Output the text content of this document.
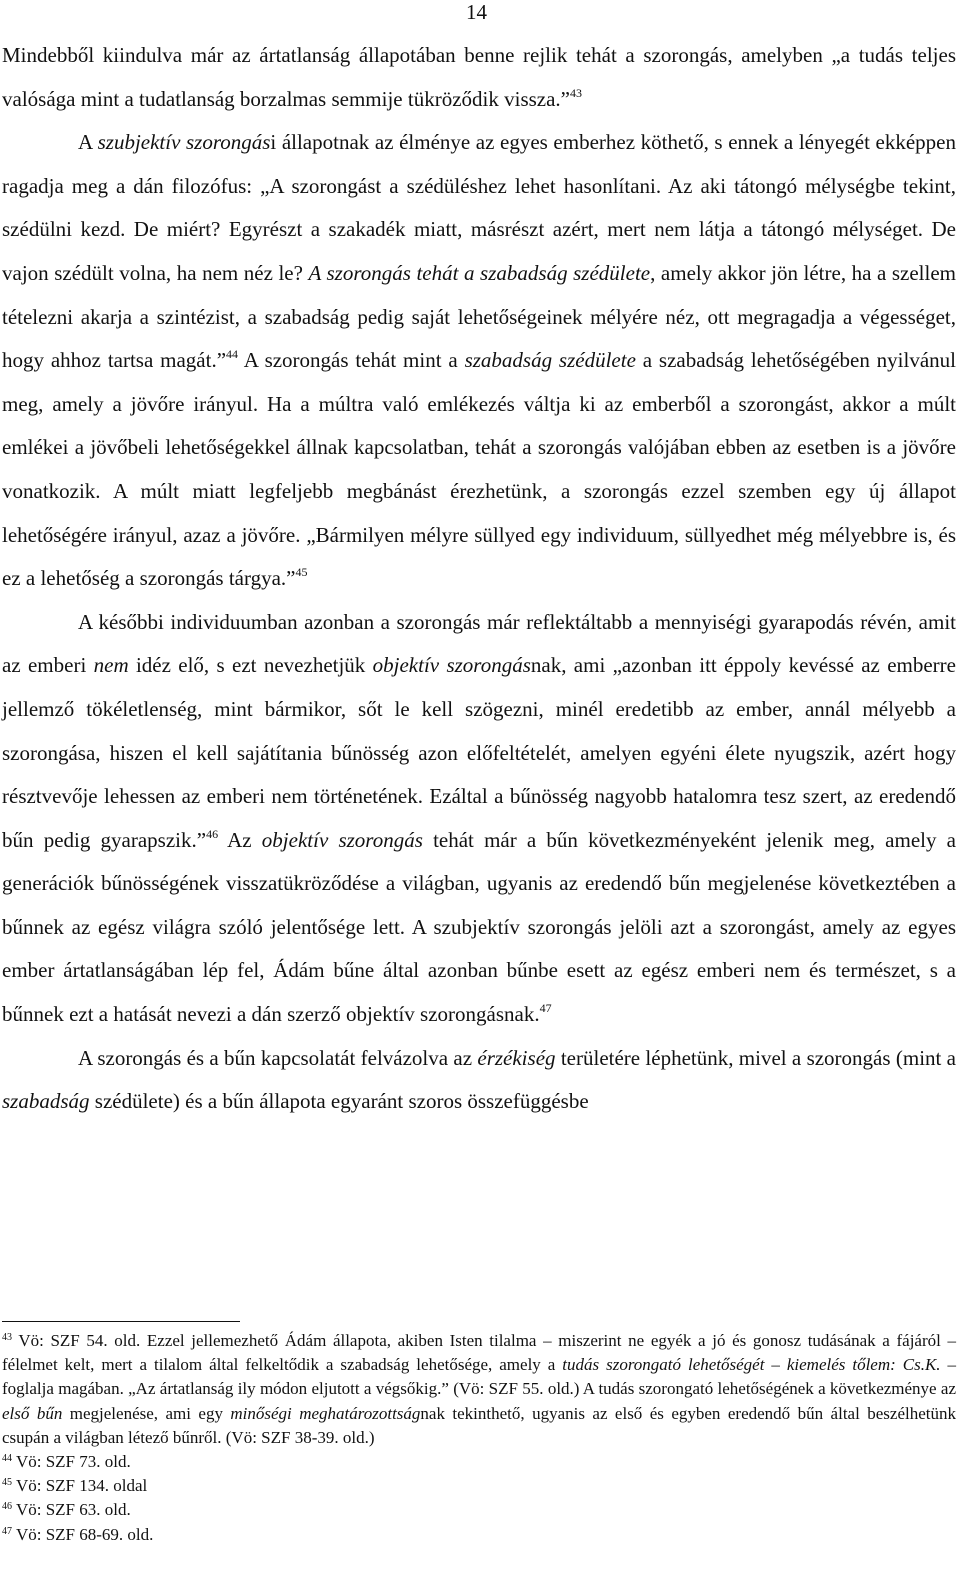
14

Mindebből kiindulva már az ártatlanság állapotában benne rejlik tehát a szorongás, amelyben „a tudás teljes valósága mint a tudatlanság borzalmas semmije tükröződik vissza.”$^{43}$

A szubjektív szorongási állapotnak az élménye az egyes emberhez köthető, s ennek a lényegét ekképpen ragadja meg a dán filozófus: „A szorongást a szédüléshez lehet hasonlítani. Az aki tátongó mélységbe tekint, szédülni kezd. De miért? Egyrészt a szakadék miatt, másrészt azért, mert nem látja a tátongó mélységet. De vajon szédült volna, ha nem néz le? A szorongás tehát a szabadság szédülete, amely akkor jön létre, ha a szellem tételezni akarja a szintézist, a szabadság pedig saját lehetőségeinek mélyére néz, ott megragadja a végességet, hogy ahhoz tartsa magát.”$^{44}$ A szorongás tehát mint a szabadság szédülete a szabadság lehetőségében nyilvánul meg, amely a jövőre irányul. Ha a múltra való emlékezés váltja ki az emberből a szorongást, akkor a múlt emlékei a jövőbeli lehetőségekkel állnak kapcsolatban, tehát a szorongás valójában ebben az esetben is a jövőre vonatkozik. A múlt miatt legfeljebb megbánást érezhetünk, a szorongás ezzel szemben egy új állapot lehetőségére irányul, azaz a jövőre. „Bármilyen mélyre süllyed egy individuum, süllyedhet még mélyebbre is, és ez a lehetőség a szorongás tárgya.”$^{45}$

A későbbi individuumban azonban a szorongás már reflektáltabb a mennyiségi gyarapodás révén, amit az emberi nem idéz elő, s ezt nevezhetjük objektív szorongásnak, ami „azonban itt éppoly kevéssé az emberre jellemző tökéletlenség, mint bármikor, sőt le kell szögezni, minél eredetibb az ember, annál mélyebb a szorongása, hiszen el kell sajátítania bűnösség azon előfeltételét, amelyen egyéni élete nyugszik, azért hogy résztvevője lehessen az emberi nem történetének. Ezáltal a bűnösség nagyobb hatalomra tesz szert, az eredendő bűn pedig gyarapszik.”$^{46}$ Az objektív szorongás tehát már a bűn következményeként jelenik meg, amely a generációk bűnösségének visszatükröződése a világban, ugyanis az eredendő bűn megjelenése következtében a bűnnek az egész világra szóló jelentősége lett. A szubjektív szorongás jelöli azt a szorongást, amely az egyes ember ártatlanságában lép fel, Ádám bűne által azonban bűnbe esett az egész emberi nem és természet, s a bűnnek ezt a hatását nevezi a dán szerző objektív szorongásnak.$^{47}$

A szorongás és a bűn kapcsolatát felvázolva az érzékiség területére léphetünk, mivel a szorongás (mint a szabadság szédülete) és a bűn állapota egyaránt szoros összefüggésbe

$^{43}$ Vö: SZF 54. old. Ezzel jellemezhető Ádám állapota, akiben Isten tilalma – miszerint ne egyék a jó és gonosz tudásának a fájáról – félelmet kelt, mert a tilalom által felkeltődik a szabadság lehetősége, amely a tudás szorongató lehetőségét – kiemelés tőlem: Cs.K. – foglalja magában. „Az ártatlanság ily módon eljutott a végsőkig.” (Vö: SZF 55. old.) A tudás szorongató lehetőségének a következménye az első bűn megjelenése, ami egy minőségi meghatározottságnak tekinthető, ugyanis az első és egyben eredendő bűn által beszélhetünk csupán a világban létező bűnről. (Vö: SZF 38-39. old.)

$^{44}$ Vö: SZF 73. old.

$^{45}$ Vö: SZF 134. oldal

$^{46}$ Vö: SZF 63. old.

$^{47}$ Vö: SZF 68-69. old.
